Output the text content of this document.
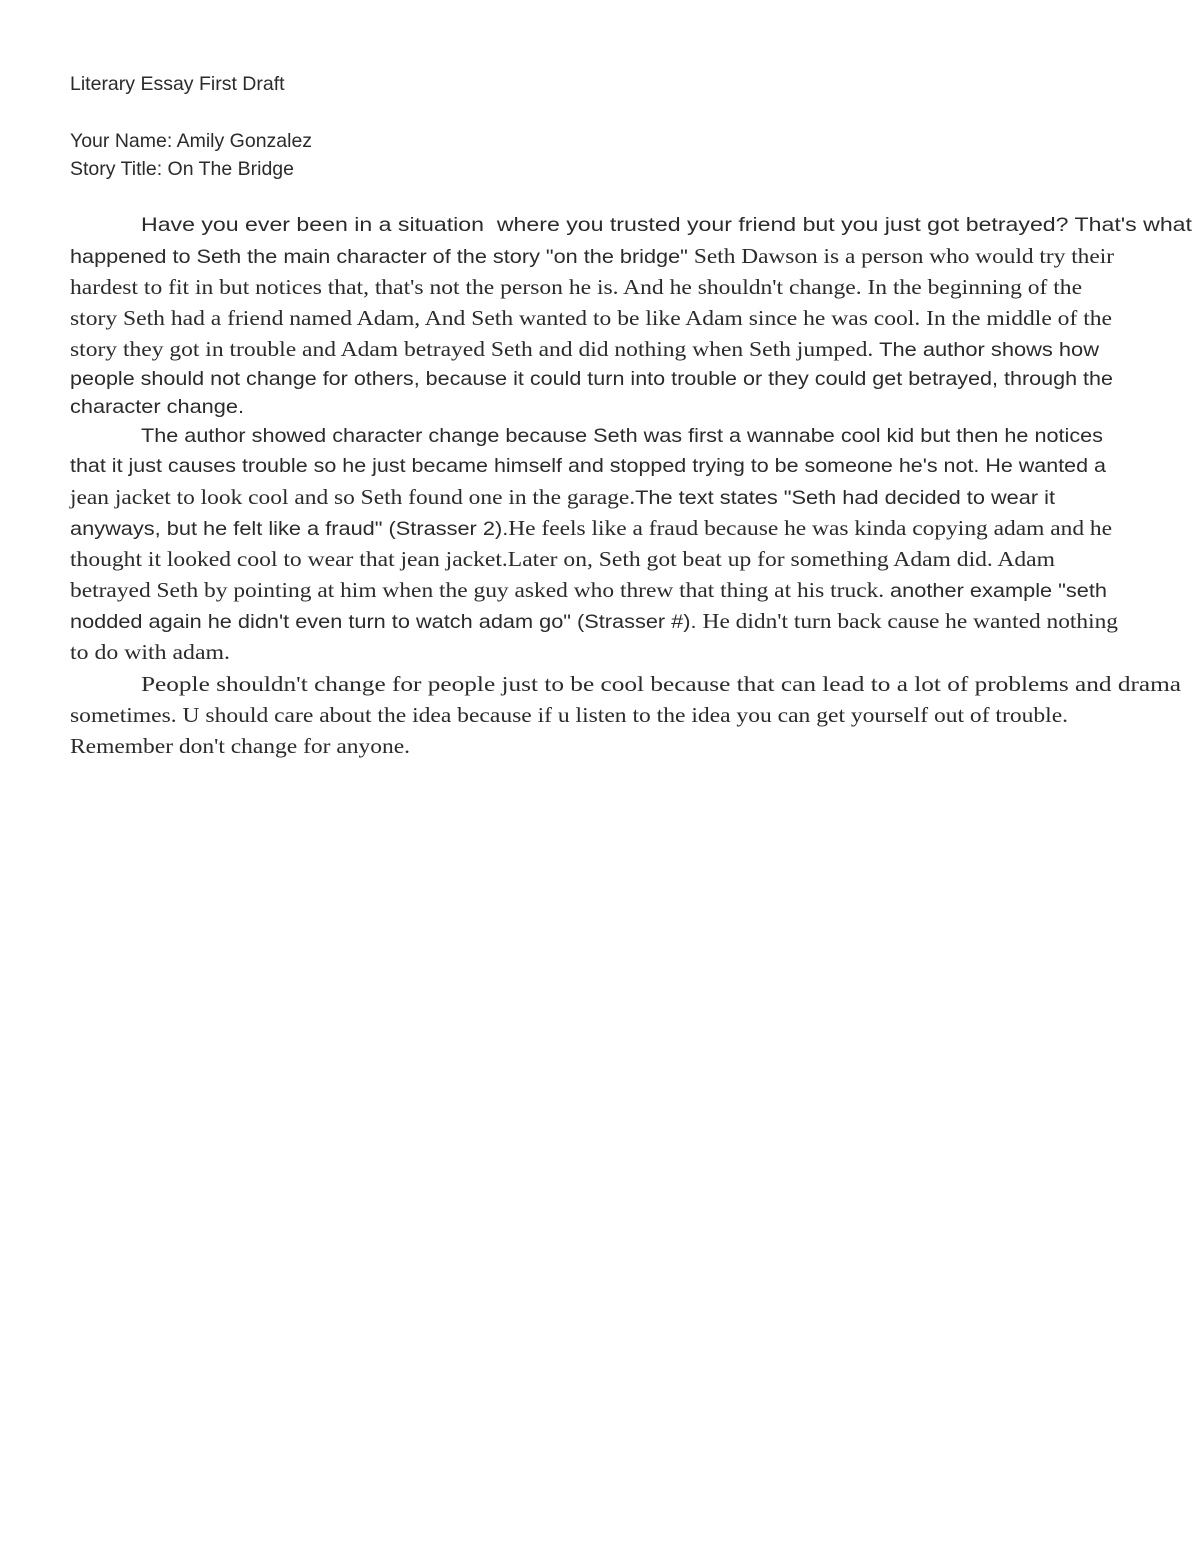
Literary Essay First Draft
Your Name: Amily Gonzalez
Story Title: On The Bridge
Have you ever been in a situation  where you trusted your friend but you just got betrayed? That's what
happened to Seth the main character of the story "on the bridge" Seth Dawson is a person who would try their
hardest to fit in but notices that, that's not the person he is. And he shouldn't change. In the beginning of the
story Seth had a friend named Adam, And Seth wanted to be like Adam since he was cool. In the middle of the
story they got in trouble and Adam betrayed Seth and did nothing when Seth jumped. The author shows how
people should not change for others, because it could turn into trouble or they could get betrayed, through the
character change.
The author showed character change because Seth was first a wannabe cool kid but then he notices
that it just causes trouble so he just became himself and stopped trying to be someone he's not. He wanted a
jean jacket to look cool and so Seth found one in the garage.The text states "Seth had decided to wear it
anyways, but he felt like a fraud" (Strasser 2).He feels like a fraud because he was kinda copying adam and he
thought it looked cool to wear that jean jacket.Later on, Seth got beat up for something Adam did. Adam
betrayed Seth by pointing at him when the guy asked who threw that thing at his truck. another example "seth
nodded again he didn't even turn to watch adam go" (Strasser #). He didn't turn back cause he wanted nothing
to do with adam.
People shouldn't change for people just to be cool because that can lead to a lot of problems and drama
sometimes. U should care about the idea because if u listen to the idea you can get yourself out of trouble.
Remember don't change for anyone.
